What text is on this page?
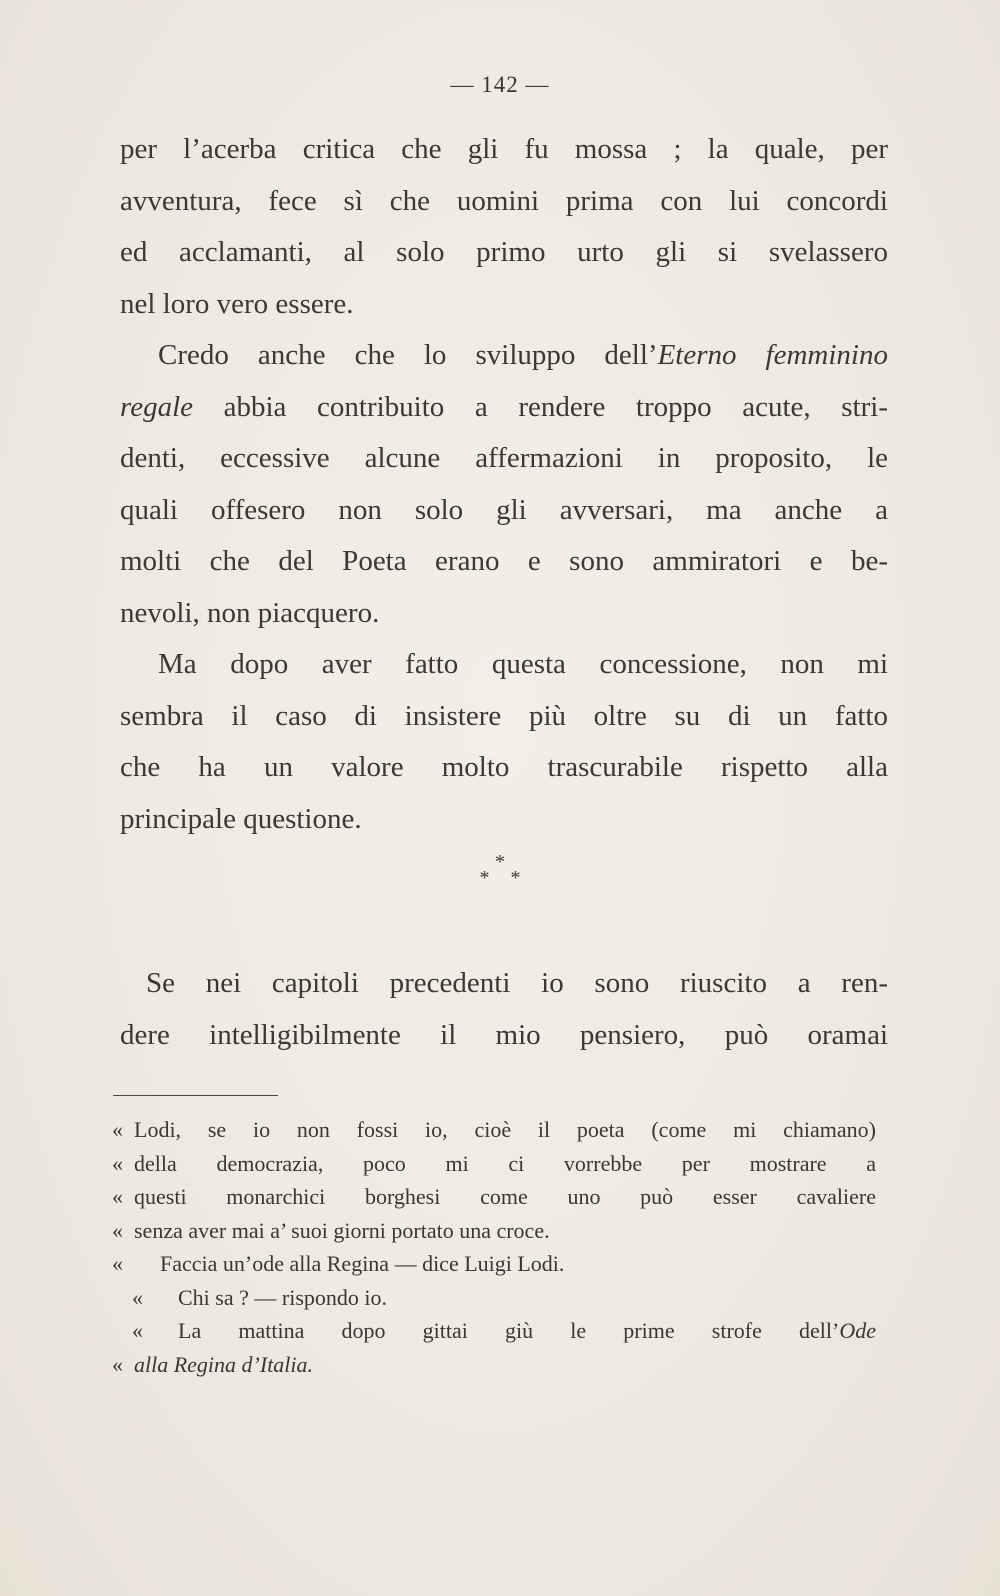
— 142 —

per l’acerba critica che gli fu mossa ; la quale, per
avventura, fece sì che uomini prima con lui concordi
ed acclamanti, al solo primo urto gli si svelassero
nel loro vero essere.

Credo anche che lo sviluppo dell’Eterno femminino
regale abbia contribuito a rendere troppo acute, stri-
denti, eccessive alcune affermazioni in proposito, le
quali offesero non solo gli avversari, ma anche a
molti che del Poeta erano e sono ammiratori e be-
nevoli, non piacquero.

Ma dopo aver fatto questa concessione, non mi
sembra il caso di insistere più oltre su di un fatto
che ha un valore molto trascurabile rispetto alla
principale questione.

*
* *
Se nei capitoli precedenti io sono riuscito a ren-
dere intelligibilmente il mio pensiero, può oramai
« Lodi, se io non fossi io, cioè il poeta (come mi chiamano)
« della democrazia, poco mi ci vorrebbe per mostrare a
« questi monarchici borghesi come uno può esser cavaliere
« senza aver mai a’ suoi giorni portato una croce.
«	Faccia un’ode alla Regina — dice Luigi Lodi.
«	Chi sa ? — rispondo io.
«	La mattina dopo gittai giù le prime strofe dell’Ode
« alla Regina d’Italia.
